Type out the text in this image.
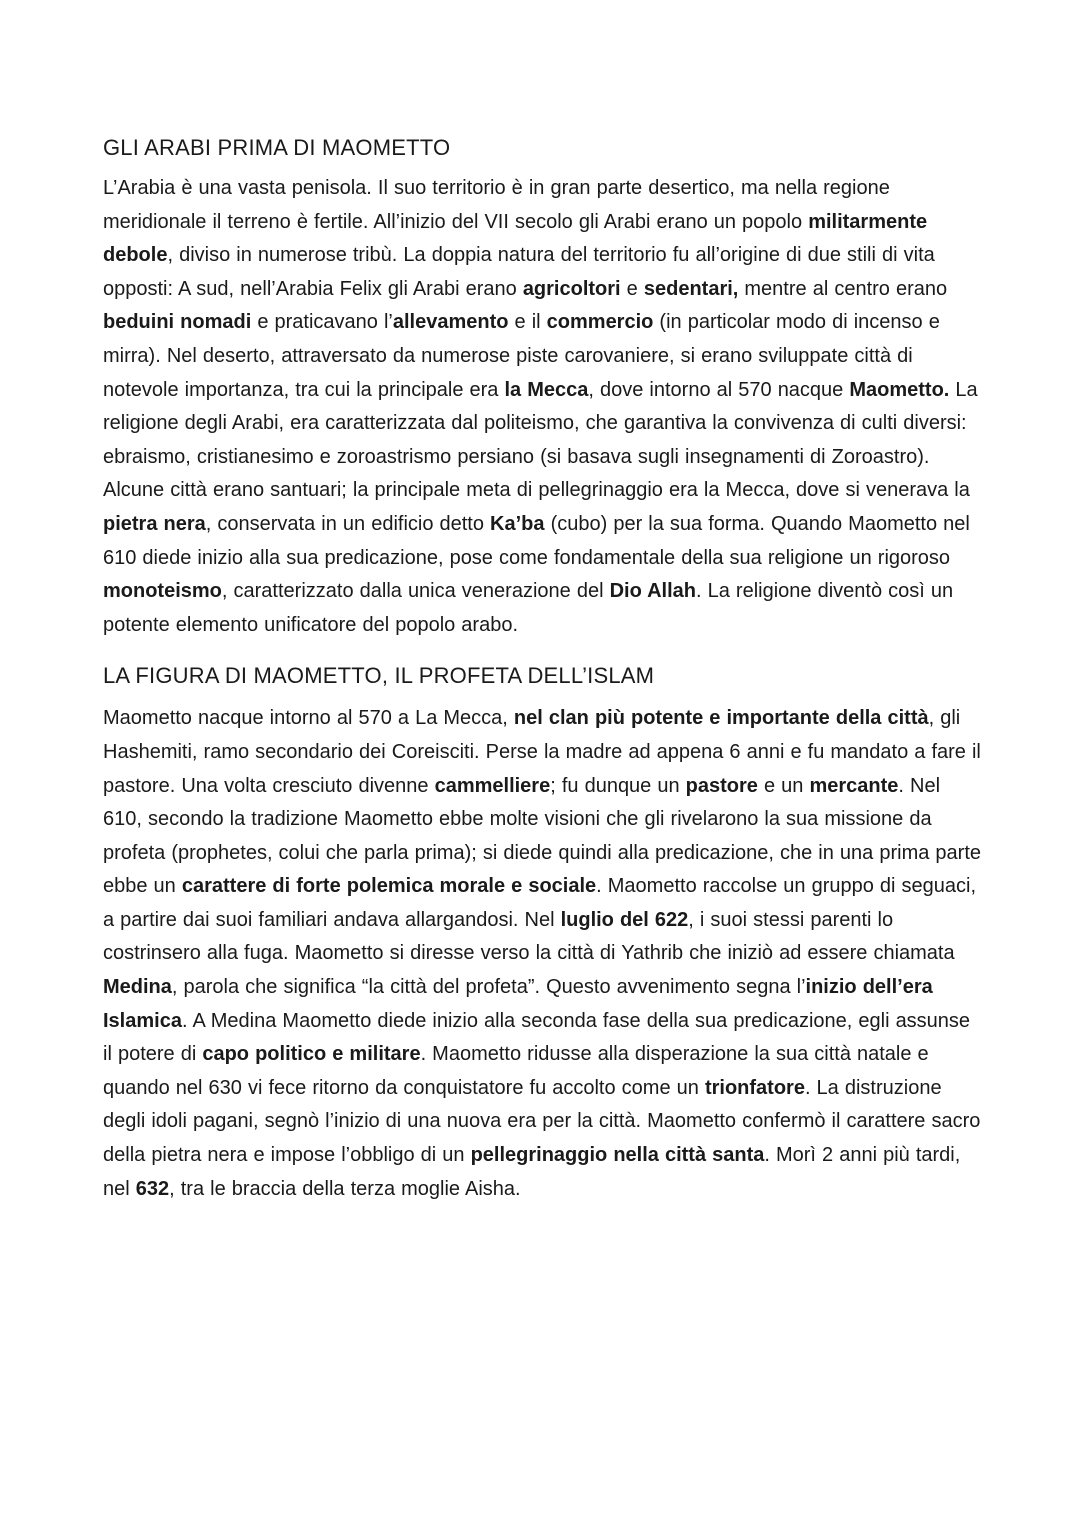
GLI ARABI PRIMA DI MAOMETTO

L’Arabia è una vasta penisola. Il suo territorio è in gran parte desertico, ma nella regione meridionale il terreno è fertile. All’inizio del VII secolo gli Arabi erano un popolo militarmente debole, diviso in numerose tribù. La doppia natura del territorio fu all’origine di due stili di vita opposti: A sud, nell’Arabia Felix gli Arabi erano agricoltori e sedentari, mentre al centro erano beduini nomadi e praticavano l’allevamento e il commercio (in particolar modo di incenso e mirra). Nel deserto, attraversato da numerose piste carovaniere, si erano sviluppate città di notevole importanza, tra cui la principale era la Mecca, dove intorno al 570 nacque Maometto. La religione degli Arabi, era caratterizzata dal politeismo, che garantiva la convivenza di culti diversi: ebraismo, cristianesimo e zoroastrismo persiano (si basava sugli insegnamenti di Zoroastro). Alcune città erano santuari; la principale meta di pellegrinaggio era la Mecca, dove si venerava la pietra nera, conservata in un edificio detto Ka’ba (cubo) per la sua forma. Quando Maometto nel 610 diede inizio alla sua predicazione, pose come fondamentale della sua religione un rigoroso monoteismo, caratterizzato dalla unica venerazione del Dio Allah. La religione diventò così un potente elemento unificatore del popolo arabo.

LA FIGURA DI MAOMETTO, IL PROFETA DELL’ISLAM

Maometto nacque intorno al 570 a La Mecca, nel clan più potente e importante della città, gli Hashemiti, ramo secondario dei Coreisciti. Perse la madre ad appena 6 anni e fu mandato a fare il pastore. Una volta cresciuto divenne cammelliere; fu dunque un pastore e un mercante. Nel 610, secondo la tradizione Maometto ebbe molte visioni che gli rivelarono la sua missione da profeta (prophetes, colui che parla prima); si diede quindi alla predicazione, che in una prima parte ebbe un carattere di forte polemica morale e sociale. Maometto raccolse un gruppo di seguaci, a partire dai suoi familiari andava allargandosi. Nel luglio del 622, i suoi stessi parenti lo costrinsero alla fuga. Maometto si diresse verso la città di Yathrib che iniziò ad essere chiamata Medina, parola che significa “la città del profeta”. Questo avvenimento segna l’inizio dell’era Islamica. A Medina Maometto diede inizio alla seconda fase della sua predicazione, egli assunse il potere di capo politico e militare. Maometto ridusse alla disperazione la sua città natale e quando nel 630 vi fece ritorno da conquistatore fu accolto come un trionfatore. La distruzione degli idoli pagani, segnò l’inizio di una nuova era per la città. Maometto confermò il carattere sacro della pietra nera e impose l’obbligo di un pellegrinaggio nella città santa. Morì 2 anni più tardi, nel 632, tra le braccia della terza moglie Aisha.
